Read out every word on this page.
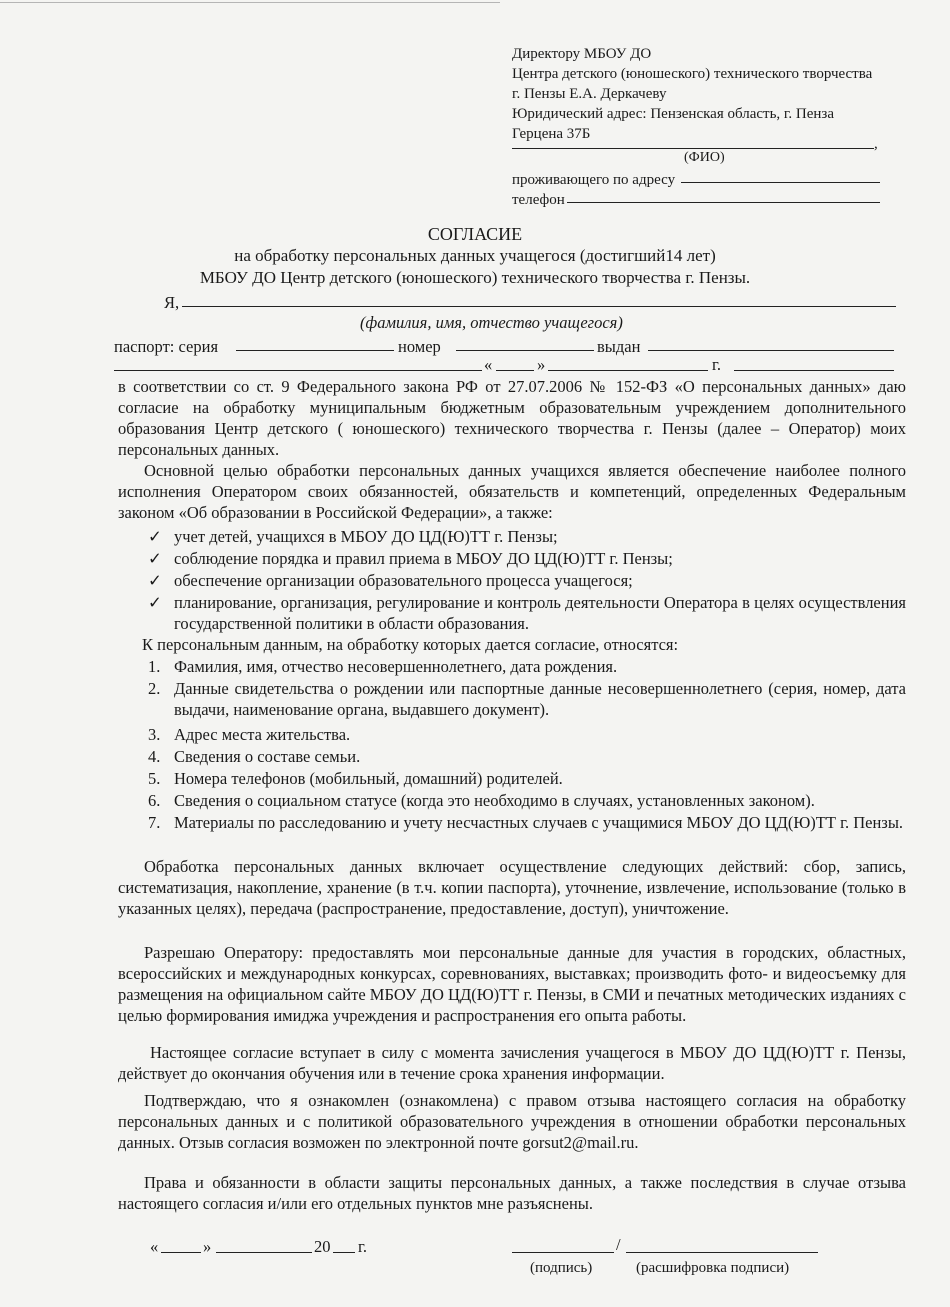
Директору МБОУ ДО
Центра детского (юношеского) технического творчества
г. Пензы Е.А. Деркачеву
Юридический адрес: Пензенская область, г. Пенза
Герцена 37Б
,
(ФИО)
проживающего по адресу
телефон
СОГЛАСИЕ
на обработку персональных данных учащегося (достигший14 лет)
МБОУ ДО Центр детского (юношеского) технического творчества г. Пензы.
Я,
(фамилия, имя, отчество учащегося)
паспорт: серия	номер	выдан
«	»	г.
в соответствии со ст. 9 Федерального закона РФ от 27.07.2006 № 152-ФЗ «О персональных данных» даю согласие на обработку муниципальным бюджетным образовательным учреждением дополнительного образования Центр детского ( юношеского) технического творчества г. Пензы (далее – Оператор) моих персональных данных.
Основной целью обработки персональных данных учащихся является обеспечение наиболее полного исполнения Оператором своих обязанностей, обязательств и компетенций, определенных Федеральным законом «Об образовании в Российской Федерации», а также:
✓ учет детей, учащихся в МБОУ ДО ЦД(Ю)ТТ г. Пензы;
✓ соблюдение порядка и правил приема в МБОУ ДО ЦД(Ю)ТТ г. Пензы;
✓ обеспечение организации образовательного процесса учащегося;
✓ планирование, организация, регулирование и контроль деятельности Оператора в целях осуществления государственной политики в области образования.
К персональным данным, на обработку которых дается согласие, относятся:
1. Фамилия, имя, отчество несовершеннолетнего, дата рождения.
2. Данные свидетельства о рождении или паспортные данные несовершеннолетнего (серия, номер, дата выдачи, наименование органа, выдавшего документ).
3. Адрес места жительства.
4. Сведения о составе семьи.
5. Номера телефонов (мобильный, домашний) родителей.
6. Сведения о социальном статусе (когда это необходимо в случаях, установленных законом).
7. Материалы по расследованию и учету несчастных случаев с учащимися МБОУ ДО ЦД(Ю)ТТ г. Пензы.
Обработка персональных данных включает осуществление следующих действий: сбор, запись, систематизация, накопление, хранение (в т.ч. копии паспорта), уточнение, извлечение, использование (только в указанных целях), передача (распространение, предоставление, доступ), уничтожение.
Разрешаю Оператору: предоставлять мои персональные данные для участия в городских, областных, всероссийских и международных конкурсах, соревнованиях, выставках; производить фото- и видеосъемку для размещения на официальном сайте МБОУ ДО ЦД(Ю)ТТ г. Пензы, в СМИ и печатных методических изданиях с целью формирования имиджа учреждения и распространения его опыта работы.
Настоящее согласие вступает в силу с момента зачисления учащегося в МБОУ ДО ЦД(Ю)ТТ г. Пензы, действует до окончания обучения или в течение срока хранения информации.
Подтверждаю, что я ознакомлен (ознакомлена) с правом отзыва настоящего согласия на обработку персональных данных и с политикой образовательного учреждения в отношении обработки персональных данных. Отзыв согласия возможен по электронной почте gorsut2@mail.ru.
Права и обязанности в области защиты персональных данных, а также последствия в случае отзыва настоящего согласия и/или его отдельных пунктов мне разъяснены.
«	»	20 г.	/
(подпись)	(расшифровка подписи)
